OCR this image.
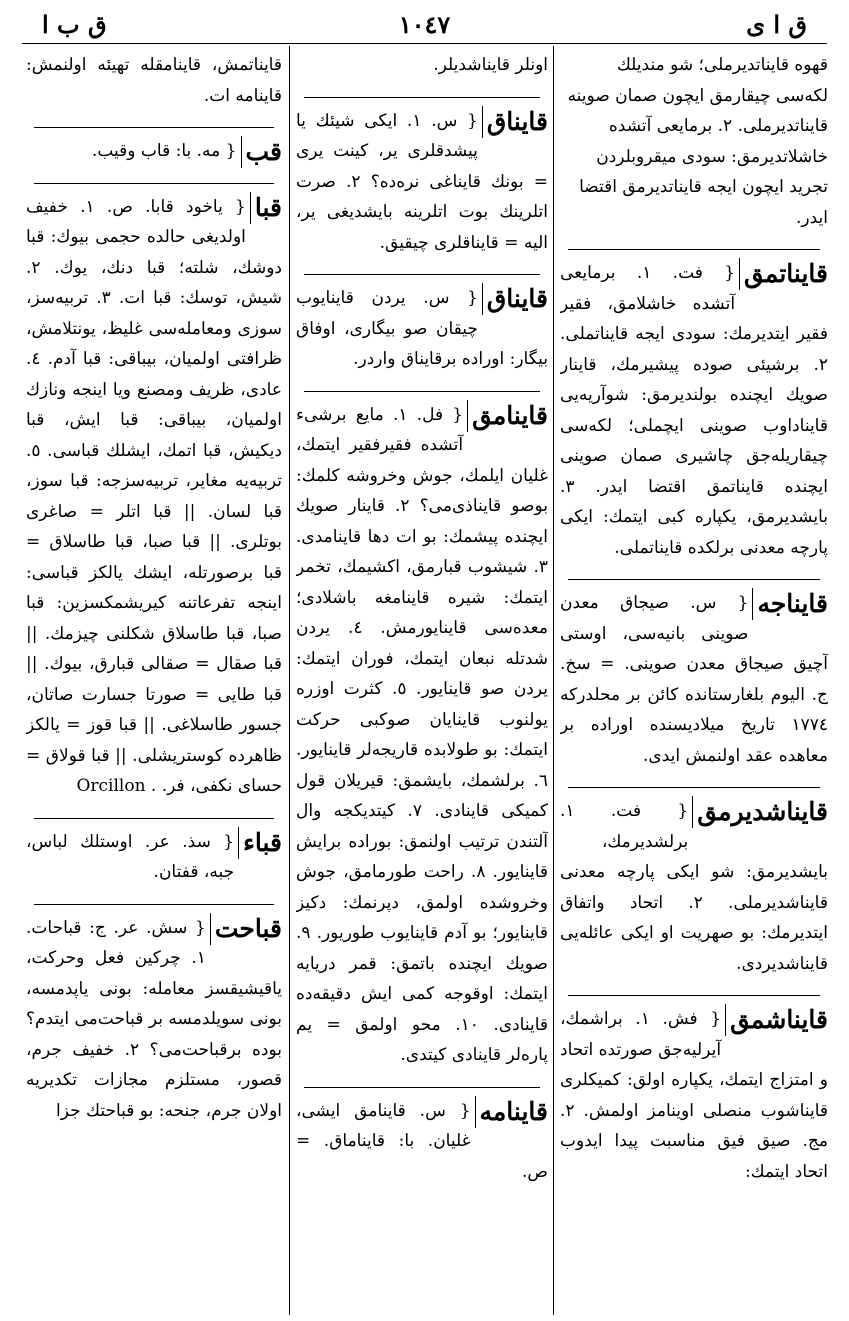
ق ا ی
١٠٤٧
ق ب ا
قهوه قایناتدیرملی؛ شو مندیلك لکه‌سی چیقارمق ایچون صمان صوینه قایناتدیرملی. ٢. برمایعی آتشده خاشلاتدیرمق: سودی میقروبلردن تجرید ایچون ایجه قایناتدیرمق اقتضا ایدر.
قایناتمق
{ فت. ١. برمایعی آتشده خاشلامق، فقیر فقیر ایتدیرمك: سودی ایجه قاینا‌تملی. ٢. برشیئی صوده پیشیرمك، قاینار صویك ایچنده بولندیرمق: شوآریه‌یی قایناداوب صوینی ایچملی؛ لکه‌سی چیقا‌ریله‌جق چاشیری صمان صوینی ایچنده قایناتمق اقتضا ایدر. ٣. بایشدیرمق، یکپاره کبی ایتمك: ایکی پارچه معدنی برلکده قایناتملی.
قایناجه
{ س. صیجاق معدن صوینی بانیه‌سی، اوستی آچیق صیجاق معدن صوینی. = سخ. ج. الیوم بلغارستانده کائن بر محلدرکه ١٧٧٤ تاریخ میلادیسنده اوراده بر معاهده عقد اولنمش ایدی.
قایناشدیرمق
{ فت. ١. برلشدیرمك، بایشدیرمق: شو ایکی پارچه معدنی قایناشدیرملی. ٢. اتحاد واتفاق ایتدیرمك: بو صهریت او ایکی عائله‌یی قایناشدیردی.
قایناشمق
{ فش. ١. براشمك، آیرلیه‌جق صورتده اتحاد و امتزاج ایتمك، یکپاره اولق: کمیکلری قایناشوب منصلی اوینامز اولمش. ٢. مج. صیق فیق مناسبت پیدا ایدوب اتحاد ایتمك:
اونلر قایناشدیلر.
قایناق
{ س. ١. ایکی شیئك یا پیشدقلری یر، کینت یری = بونك قایناغی نره‌ده؟ ٢. صرت اتلرینك بوت اتلرینه بایشدیغی یر، الیه = قایناقلری چیقیق.
قایناق
{ س. یردن قاینایوب چیقان صو بیگاری، اوفاق بیگار: اوراده برقایناق واردر.
قاینامق
{ فل. ١. مایع برشیء آتشده فقیرفقیر ایتمك، غلیان ایلمك، جوش وخروشه کلمك: بوصو قایناذی‌می؟ ٢. قاینار صویك ایچنده پیشمك: بو ات دها قاینامدی. ٣. شیشوب قبارمق، اکشیمك، تخمر ایتمك: شیره قاینامغه باشلادی؛ معده‌سی قاینایورمش. ٤. یردن شدتله نبعان ایتمك، فوران ایتمك: یردن صو قاینایور. ٥. کثرت اوزره یولنوب قاینایان صوکبی حرکت ایتمك: بو طولابده قاریجه‌لر قاینایور. ٦. برلشمك، بایشمق: قیریلان قول کمیکی قاینادی. ٧. کیتدیکجه وال آلتندن ترتیب اولنمق: بوراده برایش قاینایور. ٨. راحت طورمامق، جوش وخروشده اولمق، دپرنمك: دکیز قاینایور؛ بو آدم قاینایوب طوریور. ٩. صویك ایچنده باتمق: قمر دریایه ایتمك: اوقوجه کمی ایش دقیقه‌ده قاینادی. ١٠. محو اولمق = یم پاره‌لر قاینادی کیتدی.
قاینامه
{ س. قاینامق ایشی، غلیان. با: قایناماق. = ص.
قایناتمش، قاینامقله تهیئه اولنمش: قاینامه ات.
قب
{ مه. با: قاب وقیب.
قبا
{ یاخود قابا. ص. ١. خفیف اولدیغی حالده حجمی بیوك: قبا دوشك، شلته؛ قبا دنك، یوك. ٢. شیش، توسك: قبا ات. ٣. تربیه‌سز، سوزی ومعامله‌سی غلیظ، یونتلامش، ظرافتی اولمیان، بیباقی: قبا آدم. ٤. عادی، ظریف ومصنع ویا اینجه ونازك اولمیان، بیباقی: قبا ایش، قبا دیکیش، قبا اتمك، ایشلك قباسی. ٥. تربیه‌یه مغایر، تربیه‌سزجه: قبا سوز، قبا لسان. || قبا اتلر = صاغری بوتلری. || قبا صبا، قبا طاسلاق = قبا برصورتله، ایشك یالکز قباسی: اینجه تفرعاتنه کیریشمکسزین: قبا صبا، قبا طاسلاق شکلنی چیزمك. || قبا صقال = صقالی قبارق، بیوك. || قبا طایی = صورتا جسارت صاتان، جسور طاسلاغی. || قبا قوز = یالکز ظاهرده کوستریشلی. || قبا قولاق = حسای نکفی، فر. Orcillon .
قباء
{ سذ. عر. اوستلك لباس، جبه، قفتان.
قباحت
{ سش. عر. ج: قباحات. ١. چرکین فعل وحرکت، یاقیشیقسز معامله: بونی یاپدمسه، بونی سویلدمسه بر قباحت‌می ایتدم؟ بوده برقباحت‌می؟ ٢. خفیف جرم، قصور، مستلزم مجازات تکدیریه اولان جرم، جنحه: بو قباحتك جزا
